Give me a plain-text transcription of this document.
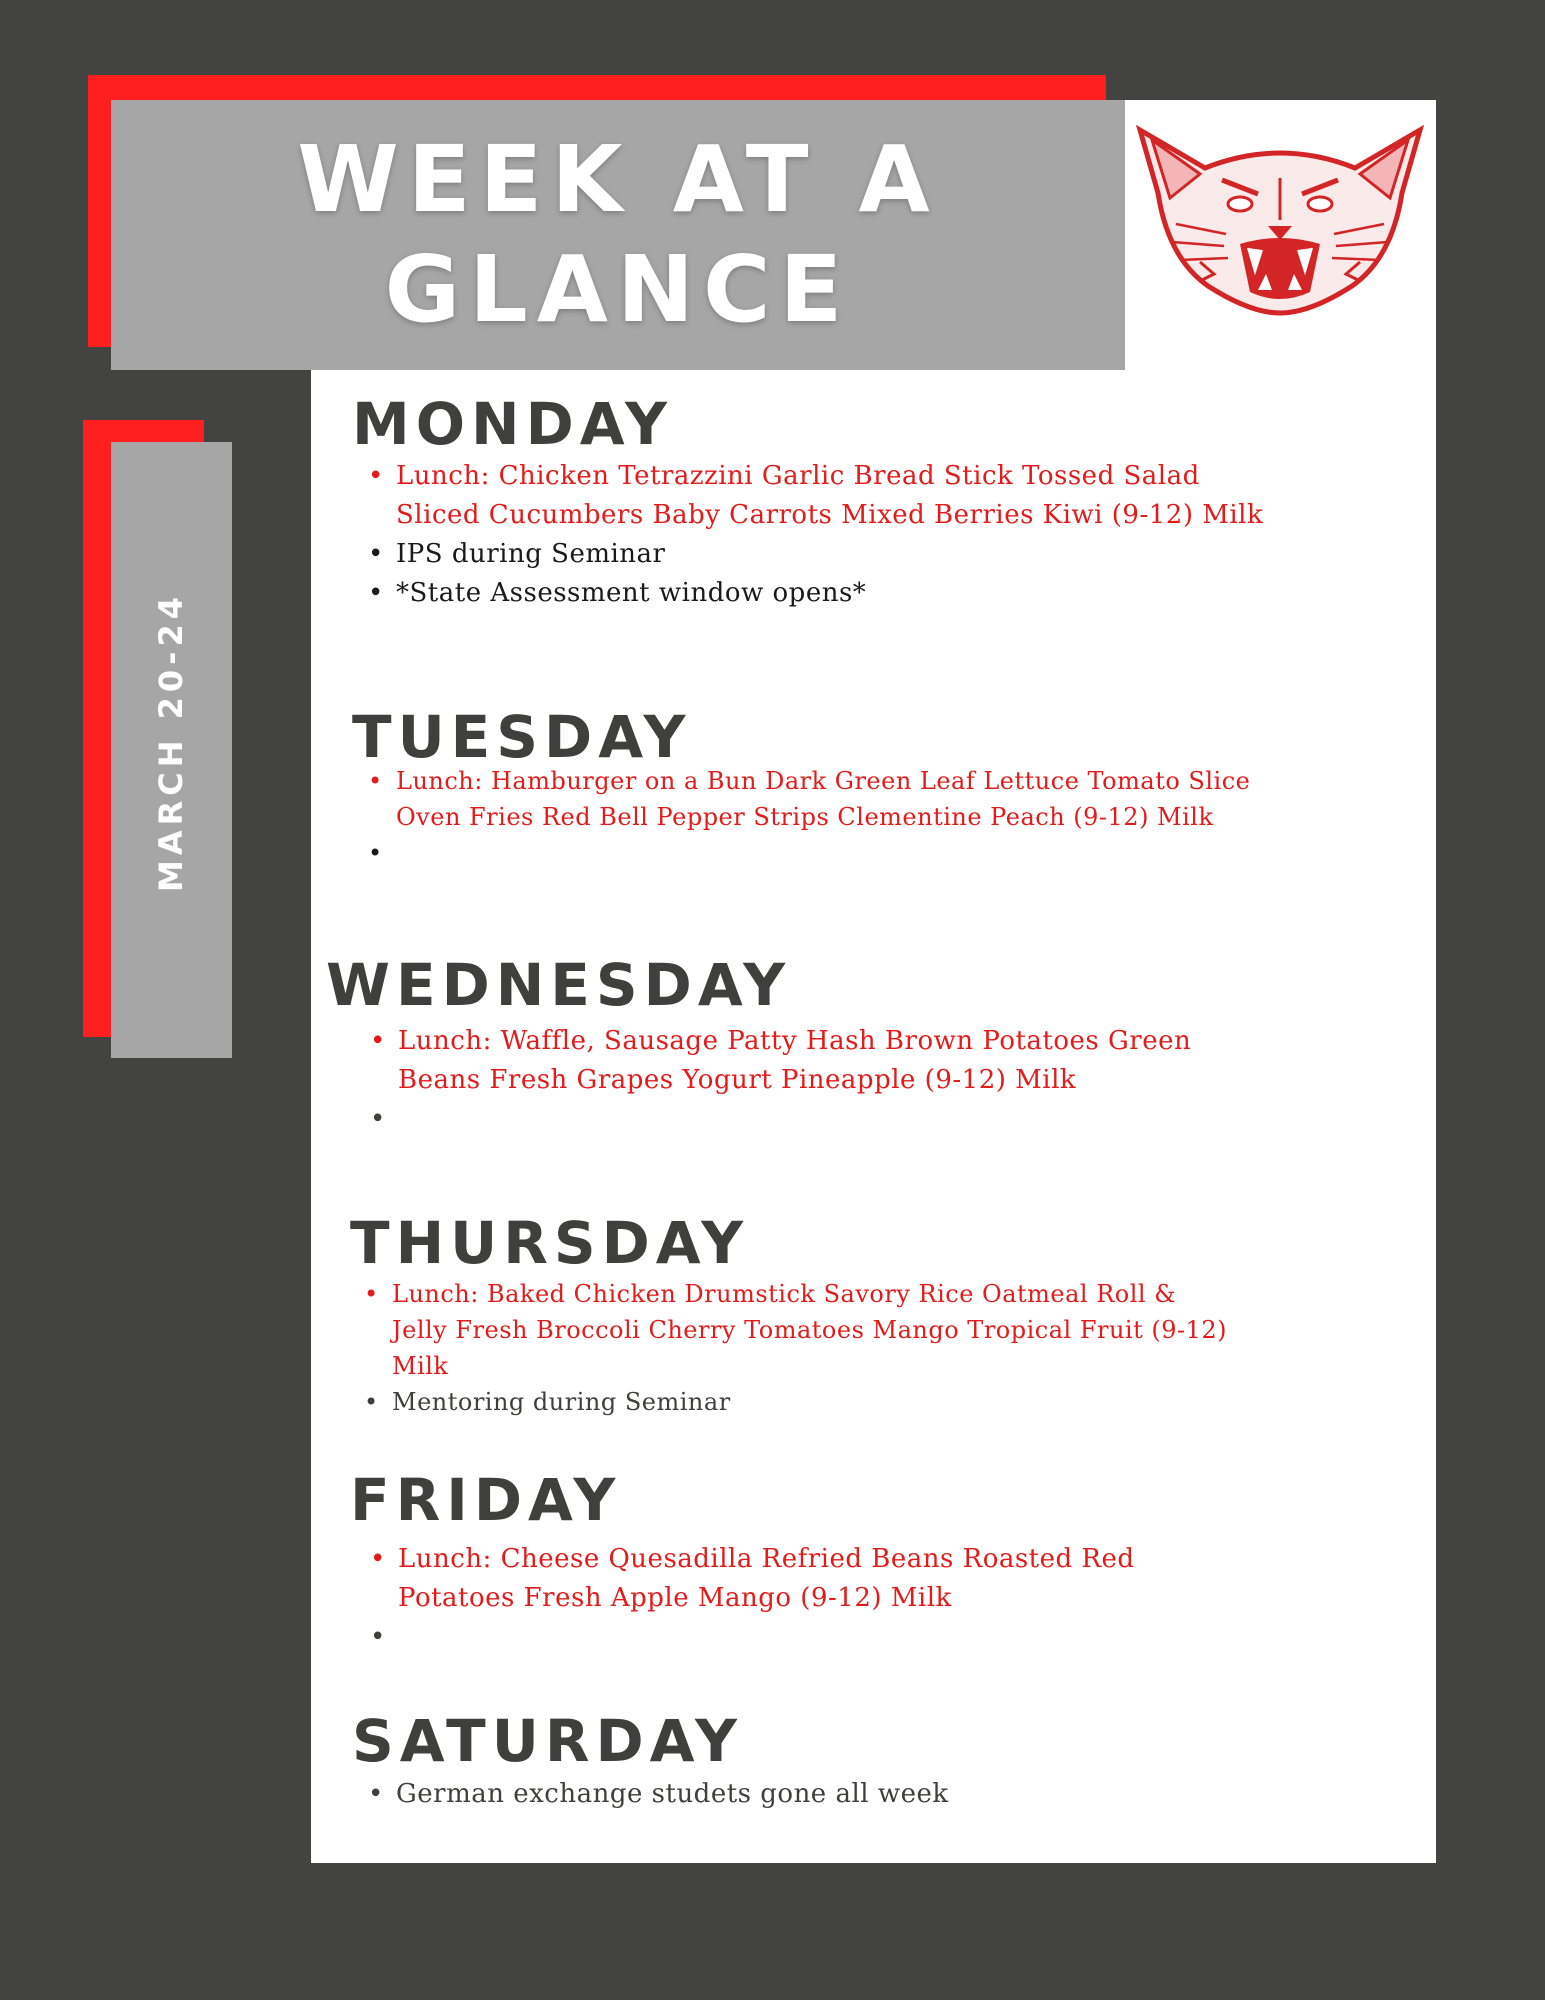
WEEK AT A
GLANCE
MARCH 20-24
MONDAY
• Lunch: Chicken Tetrazzini Garlic Bread Stick Tossed Salad Sliced Cucumbers Baby Carrots Mixed Berries Kiwi (9-12) Milk
• IPS during Seminar
• *State Assessment window opens*
TUESDAY
• Lunch: Hamburger on a Bun Dark Green Leaf Lettuce Tomato Slice Oven Fries Red Bell Pepper Strips Clementine Peach (9-12) Milk
WEDNESDAY
• Lunch: Waffle, Sausage Patty Hash Brown Potatoes Green Beans Fresh Grapes Yogurt Pineapple (9-12) Milk
THURSDAY
• Lunch: Baked Chicken Drumstick Savory Rice Oatmeal Roll & Jelly Fresh Broccoli Cherry Tomatoes Mango Tropical Fruit (9-12) Milk
• Mentoring during Seminar
FRIDAY
• Lunch: Cheese Quesadilla Refried Beans Roasted Red Potatoes Fresh Apple Mango (9-12) Milk
SATURDAY
• German exchange studets gone all week
